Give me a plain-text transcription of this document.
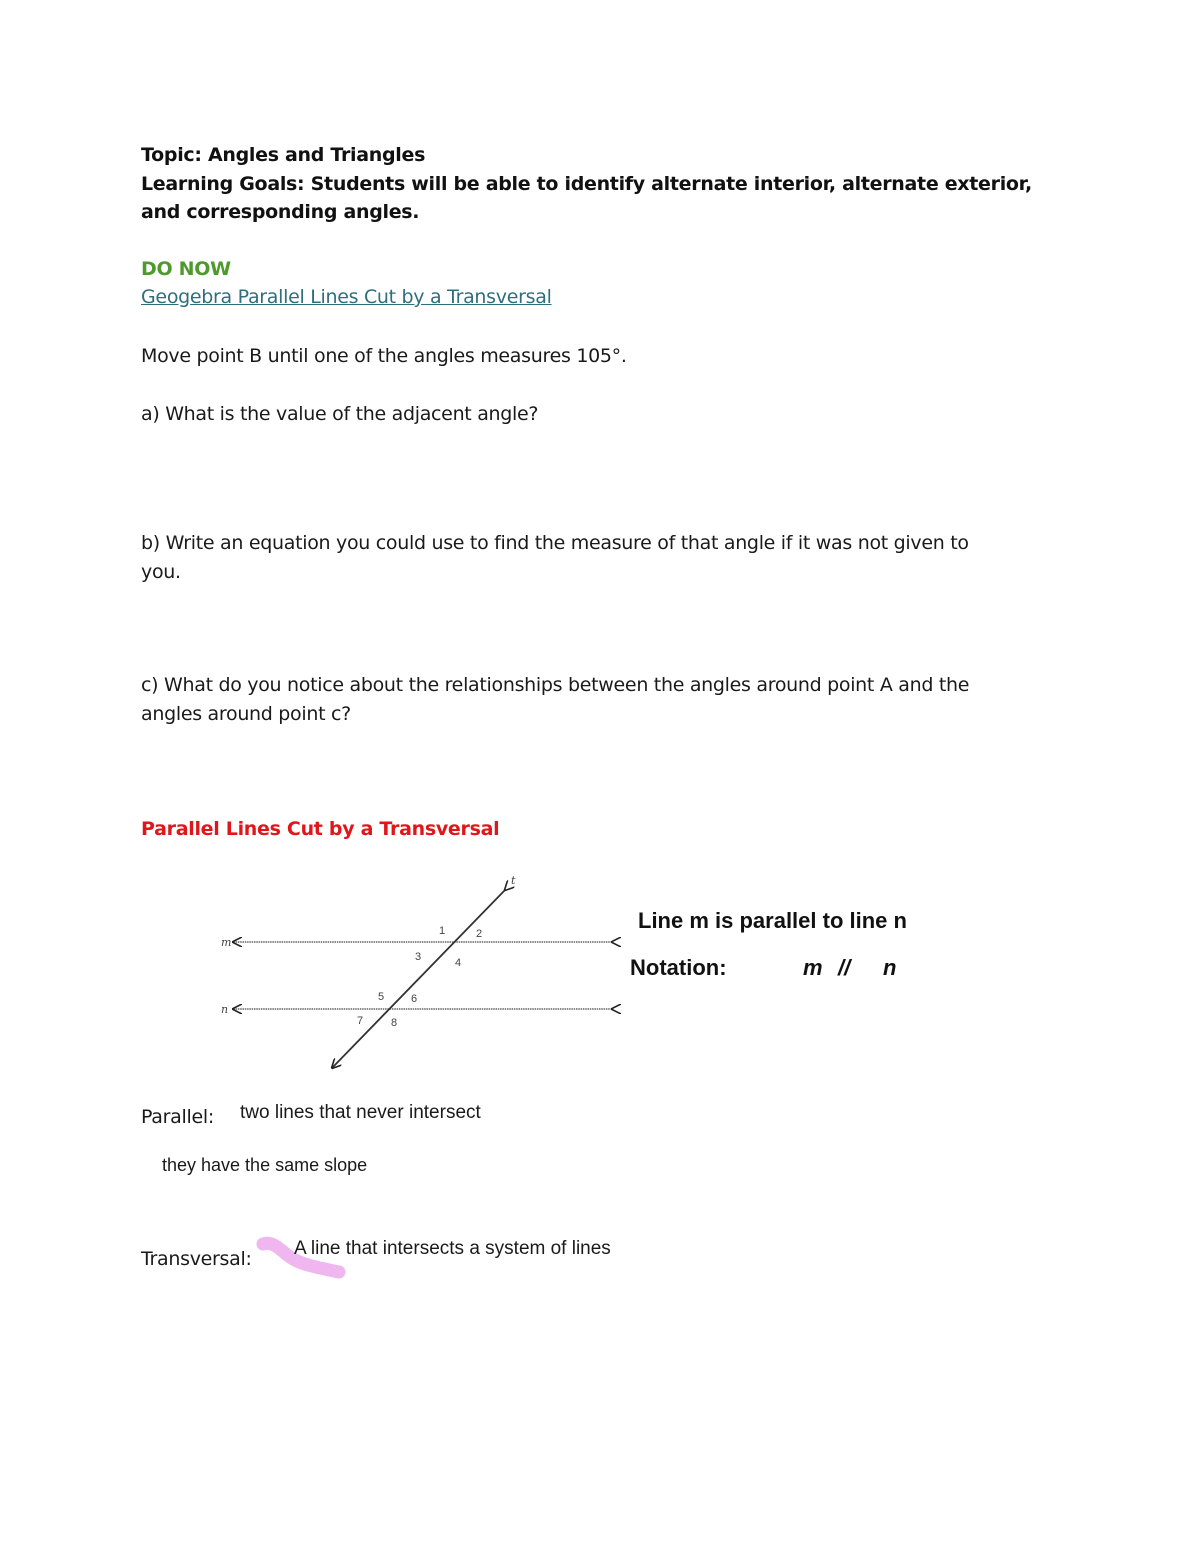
Topic: Angles and Triangles
Learning Goals: Students will be able to identify alternate interior, alternate exterior,
and corresponding angles.
DO NOW
Geogebra Parallel Lines Cut by a Transversal
Move point B until one of the angles measures 105°.
a) What is the value of the adjacent angle?
b) Write an equation you could use to find the measure of that angle if it was not given to
you.
c) What do you notice about the relationships between the angles around point A and the
angles around point c?
Parallel Lines Cut by a Transversal
m
n
t
1	2
3	4
5 6
7	8
Line m is parallel to line n
Notation:	m // n
Parallel: two lines that never intersect
they have the same slope
Transversal: A line that intersects a system of lines
